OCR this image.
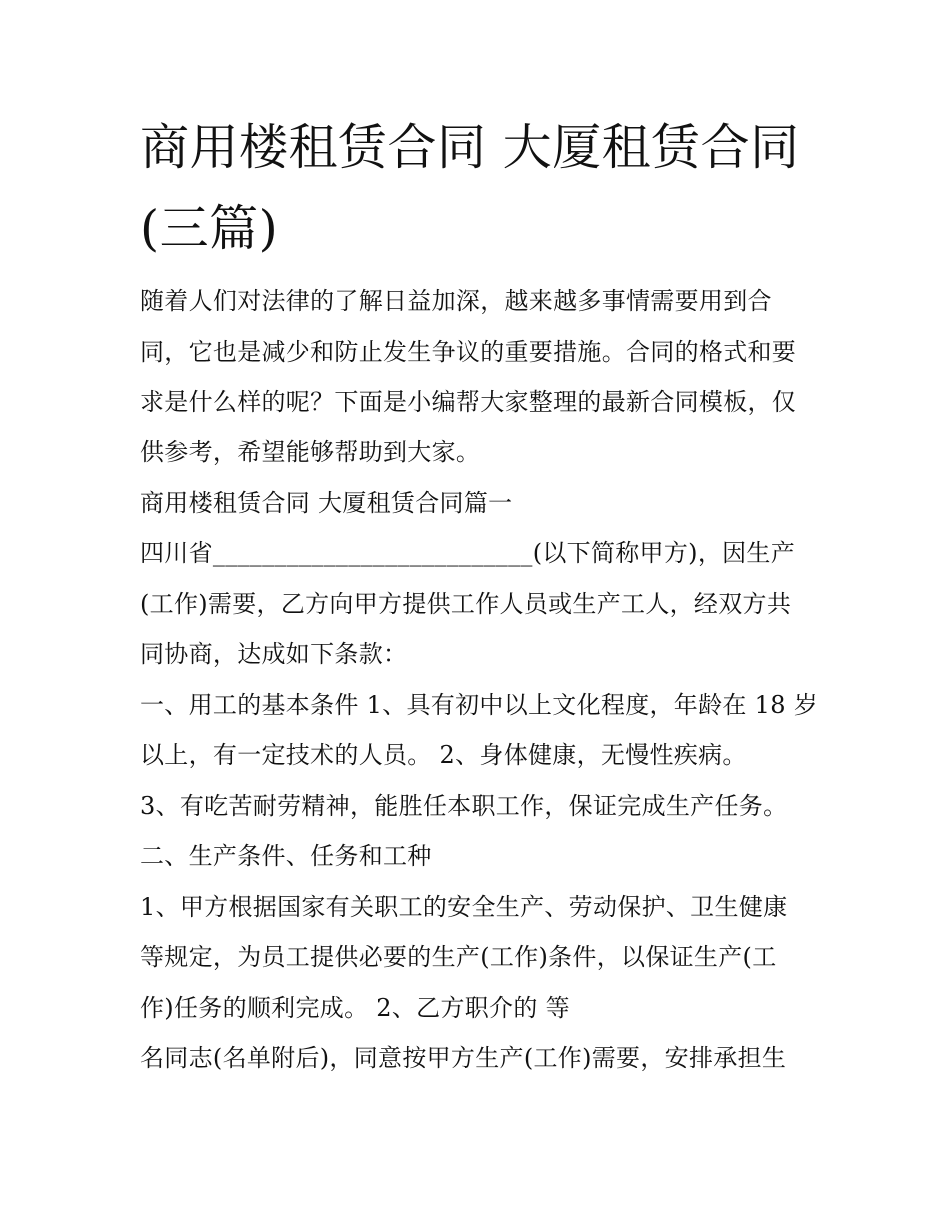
商用楼租赁合同 大厦租赁合同
(三篇)
随着人们对法律的了解日益加深，越来越多事情需要用到合
同，它也是减少和防止发生争议的重要措施。合同的格式和要
求是什么样的呢？下面是小编帮大家整理的最新合同模板，仅
供参考，希望能够帮助到大家。
商用楼租赁合同 大厦租赁合同篇一
四川省__________________________(以下简称甲方)，因生产
(工作)需要，乙方向甲方提供工作人员或生产工人，经双方共
同协商，达成如下条款：
一、用工的基本条件 1、具有初中以上文化程度，年龄在 18 岁
以上，有一定技术的人员。 2、身体健康，无慢性疾病。
3、有吃苦耐劳精神，能胜任本职工作，保证完成生产任务。
二、生产条件、任务和工种
1、甲方根据国家有关职工的安全生产、劳动保护、卫生健康
等规定，为员工提供必要的生产(工作)条件，以保证生产(工
作)任务的顺利完成。 2、乙方职介的 等
名同志(名单附后)，同意按甲方生产(工作)需要，安排承担生
